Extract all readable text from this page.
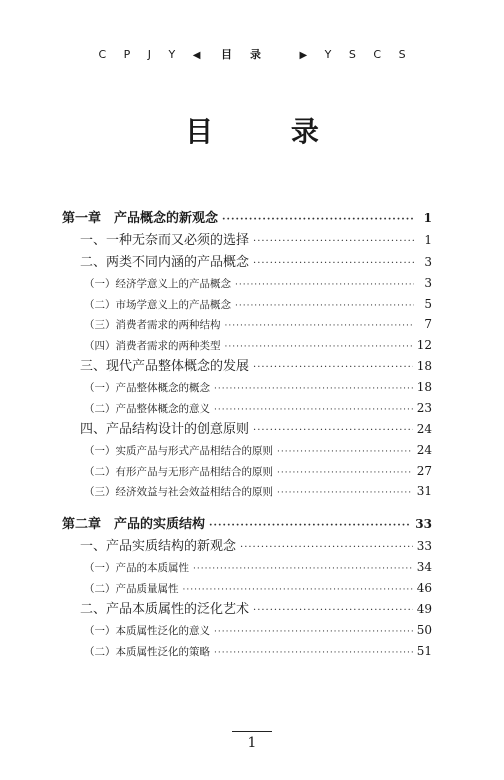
C P J Y ◀ 目录 ▶ Y S C S
目 录
第一章　产品概念的新观念 ·····	1
一、一种无奈而又必须的选择 ·····	1
二、两类不同内涵的产品概念 ·····	3
（一）经济学意义上的产品概念 ·····	3
（二）市场学意义上的产品概念 ·····	5
（三）消费者需求的两种结构 ·····	7
（四）消费者需求的两种类型 ·····	12
三、现代产品整体概念的发展 ·····	18
（一）产品整体概念的概念 ·····	18
（二）产品整体概念的意义 ·····	23
四、产品结构设计的创意原则 ·····	24
（一）实质产品与形式产品相结合的原则 ·····	24
（二）有形产品与无形产品相结合的原则 ·····	27
（三）经济效益与社会效益相结合的原则 ·····	31
第二章　产品的实质结构 ·····	33
一、产品实质结构的新观念 ·····	33
（一）产品的本质属性 ·····	34
（二）产品质量属性 ·····	46
二、产品本质属性的泛化艺术 ·····	49
（一）本质属性泛化的意义 ·····	50
（二）本质属性泛化的策略 ·····	51
1
